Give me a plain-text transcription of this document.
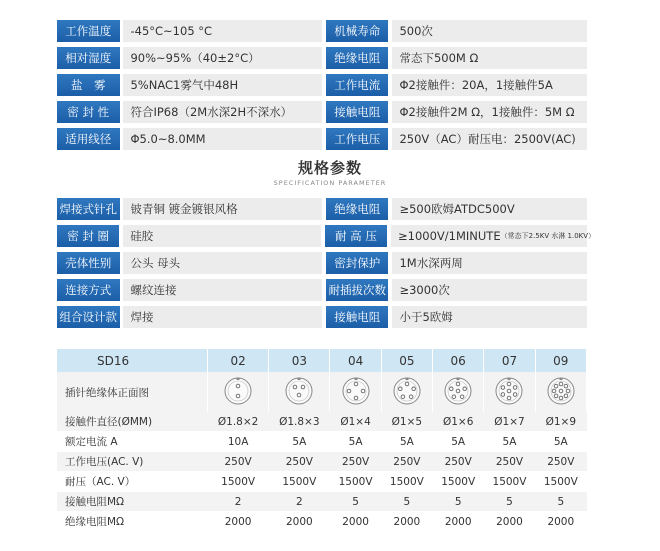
工作温度	-45°C~105 °C	机械寿命	500次
相对湿度	90%~95%（40±2°C）	绝缘电阻	常态下500M Ω
盐　雾	5%NAC1雾气中48H	工作电流	Φ2接触件：20A，1接触件5A
密 封 性	符合IP68（2M水深2H不深水）	接触电阻	Φ2接触件2M Ω，1接触件：5M Ω
适用线径	Φ5.0~8.0MM	工作电压	250V（AC）耐压电：2500V(AC)
规格参数
SPECIFICATION PARAMETER
焊接式针孔	铍青铜 镀金镀银风格	绝缘电阻	≥500欧姆ATDC500V
密 封 圈	硅胶	耐 高 压	≥1000V/1MINUTE （常态下2.5KV 水淋 1.0KV）
壳体性别	公头 母头	密封保护	1M水深两周
连接方式	螺纹连接	耐插拔次数 ≥3000次
组合设计款	焊接	接触电阻	小于5欧姆
SD16	02	03	04	05	06	07	09
插针绝缘体正面图							
接触件直径(ØMM)	Ø1.8×2	Ø1.8×3	Ø1×4	Ø1×5	Ø1×6	Ø1×7	Ø1×9
额定电流 A	10A	5A	5A	5A	5A	5A	5A
工作电压(AC. V)	250V	250V	250V	250V	250V	250V	250V
耐压（AC. V）	1500V	1500V	1500V	1500V	1500V	1500V	1500V
接触电阻MΩ	2	2	5	5	5	5	5
绝缘电阻MΩ	2000	2000	2000	2000	2000	2000	2000
